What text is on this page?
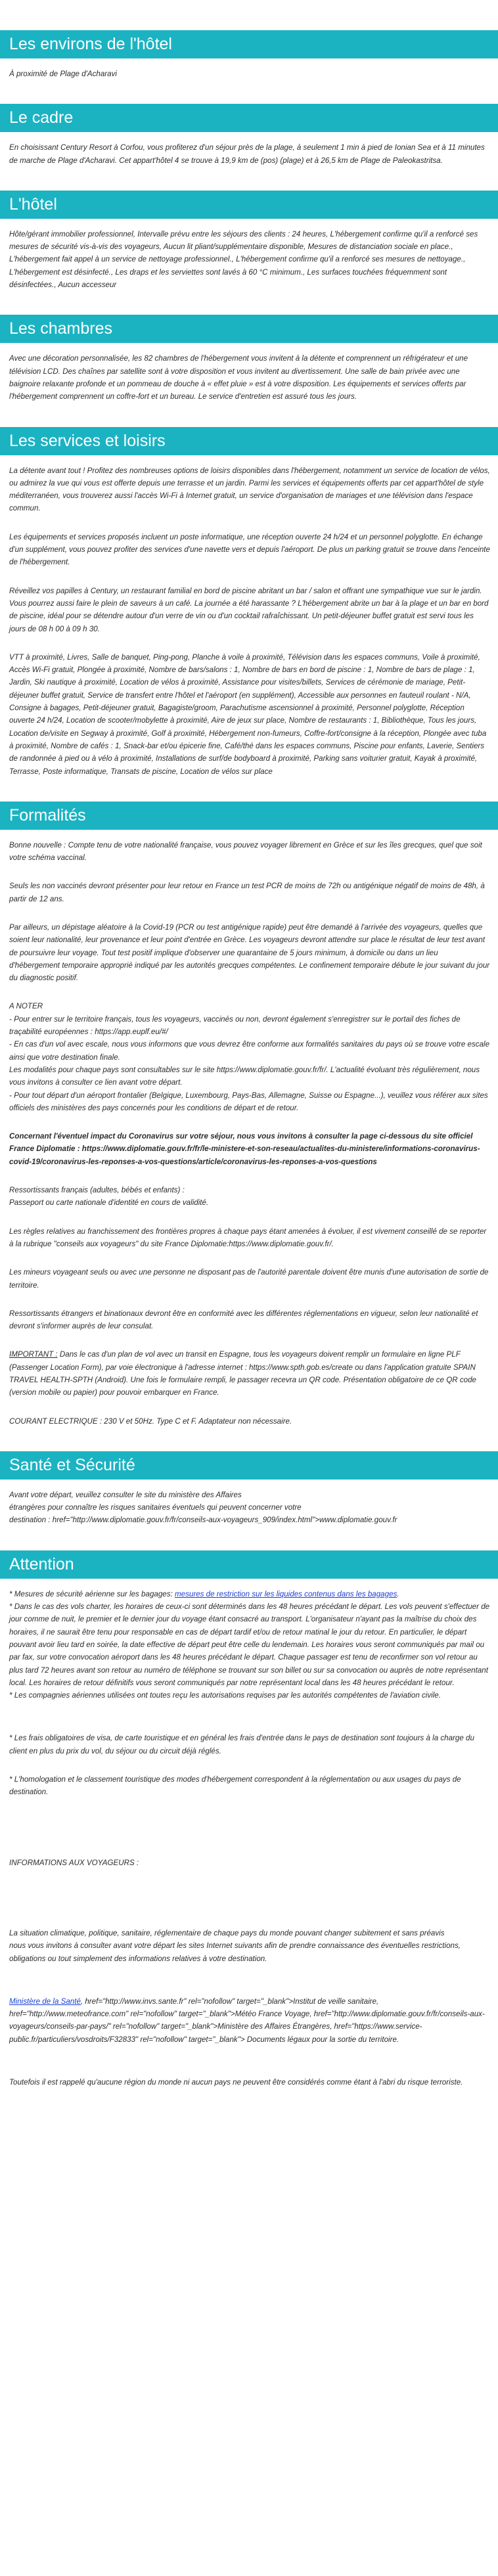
Les environs de l'hôtel

À proximité de Plage d'Acharavi

Le cadre

En choisissant Century Resort à Corfou, vous profiterez d'un séjour près de la plage, à seulement 1 min à pied de Ionian Sea et à 11 minutes de marche de Plage d'Acharavi. Cet appart'hôtel 4 se trouve à 19,9 km de (pos) (plage) et à 26,5 km de Plage de Paleokastritsa.

L'hôtel

Hôte/gérant immobilier professionnel, Intervalle prévu entre les séjours des clients : 24 heures, L'hébergement confirme qu'il a renforcé ses mesures de sécurité vis-à-vis des voyageurs, Aucun lit pliant/supplémentaire disponible, Mesures de distanciation sociale en place., L'hébergement fait appel à un service de nettoyage professionnel., L'hébergement confirme qu'il a renforcé ses mesures de nettoyage., L'hébergement est désinfecté., Les draps et les serviettes sont lavés à 60 °C minimum., Les surfaces touchées fréquemment sont désinfectées., Aucun accesseur

Les chambres

Avec une décoration personnalisée, les 82 chambres de l'hébergement vous invitent à la détente et comprennent un réfrigérateur et une télévision LCD. Des chaînes par satellite sont à votre disposition et vous invitent au divertissement. Une salle de bain privée avec une baignoire relaxante profonde et un pommeau de douche à « effet pluie » est à votre disposition. Les équipements et services offerts par l'hébergement comprennent un coffre-fort et un bureau. Le service d'entretien est assuré tous les jours.

Les services et loisirs

La détente avant tout ! Profitez des nombreuses options de loisirs disponibles dans l'hébergement, notamment un service de location de vélos, ou admirez la vue qui vous est offerte depuis une terrasse et un jardin. Parmi les services et équipements offerts par cet appart'hôtel de style méditerranéen, vous trouverez aussi l'accès Wi-Fi à Internet gratuit, un service d'organisation de mariages et une télévision dans l'espace commun.

Les équipements et services proposés incluent un poste informatique, une réception ouverte 24 h/24 et un personnel polyglotte. En échange d'un supplément, vous pouvez profiter des services d'une navette vers et depuis l'aéroport. De plus un parking gratuit se trouve dans l'enceinte de l'hébergement.

Réveillez vos papilles à Century, un restaurant familial en bord de piscine abritant un bar / salon et offrant une sympathique vue sur le jardin. Vous pourrez aussi faire le plein de saveurs à un café. La journée a été harassante ? L'hébergement abrite un bar à la plage et un bar en bord de piscine, idéal pour se détendre autour d'un verre de vin ou d'un cocktail rafraîchissant. Un petit-déjeuner buffet gratuit est servi tous les jours de 08 h 00 à 09 h 30.

VTT à proximité, Livres, Salle de banquet, Ping-pong, Planche à voile à proximité, Télévision dans les espaces communs, Voile à proximité, Accès Wi-Fi gratuit, Plongée à proximité, Nombre de bars/salons : 1, Nombre de bars en bord de piscine : 1, Nombre de bars de plage : 1, Jardin, Ski nautique à proximité, Location de vélos à proximité, Assistance pour visites/billets, Services de cérémonie de mariage, Petit-déjeuner buffet gratuit, Service de transfert entre l'hôtel et l'aéroport (en supplément), Accessible aux personnes en fauteuil roulant - N/A, Consigne à bagages, Petit-déjeuner gratuit, Bagagiste/groom, Parachutisme ascensionnel à proximité, Personnel polyglotte, Réception ouverte 24 h/24, Location de scooter/mobylette à proximité, Aire de jeux sur place, Nombre de restaurants : 1, Bibliothèque, Tous les jours, Location de/visite en Segway à proximité, Golf à proximité, Hébergement non-fumeurs, Coffre-fort/consigne à la réception, Plongée avec tuba à proximité, Nombre de cafés : 1, Snack-bar et/ou épicerie fine, Café/thé dans les espaces communs, Piscine pour enfants, Laverie, Sentiers de randonnée à pied ou à vélo à proximité, Installations de surf/de bodyboard à proximité, Parking sans voiturier gratuit, Kayak à proximité, Terrasse, Poste informatique, Transats de piscine, Location de vélos sur place

Formalités

Bonne nouvelle : Compte tenu de votre nationalité française, vous pouvez voyager librement en Grèce et sur les îles grecques, quel que soit votre schéma vaccinal.

Seuls les non vaccinés devront présenter pour leur retour en France un test PCR de moins de 72h ou antigénique négatif de moins de 48h, à partir de 12 ans.

Par ailleurs, un dépistage aléatoire à la Covid-19 (PCR ou test antigénique rapide) peut être demandé à l'arrivée des voyageurs, quelles que soient leur nationalité, leur provenance et leur point d'entrée en Grèce. Les voyageurs devront attendre sur place le résultat de leur test avant de poursuivre leur voyage. Tout test positif implique d'observer une quarantaine de 5 jours minimum, à domicile ou dans un lieu d'hébergement temporaire approprié indiqué par les autorités grecques compétentes. Le confinement temporaire débute le jour suivant du jour du diagnostic positif.

A NOTER
- Pour entrer sur le territoire français, tous les voyageurs, vaccinés ou non, devront également s'enregistrer sur le portail des fiches de traçabilité européennes : https://app.euplf.eu/#/
- En cas d'un vol avec escale, nous vous informons que vous devrez être conforme aux formalités sanitaires du pays où se trouve votre escale ainsi que votre destination finale.
Les modalités pour chaque pays sont consultables sur le site https://www.diplomatie.gouv.fr/fr/. L'actualité évoluant très régulièrement, nous vous invitons à consulter ce lien avant votre départ.
- Pour tout départ d'un aéroport frontalier (Belgique, Luxembourg, Pays-Bas, Allemagne, Suisse ou Espagne...), veuillez vous référer aux sites officiels des ministères des pays concernés pour les conditions de départ et de retour.

Concernant l'éventuel impact du Coronavirus sur votre séjour, nous vous invitons à consulter la page ci-dessous du site officiel France Diplomatie : https://www.diplomatie.gouv.fr/fr/le-ministere-et-son-reseau/actualites-du-ministere/informations-coronavirus-covid-19/coronavirus-les-reponses-a-vos-questions/article/coronavirus-les-reponses-a-vos-questions

Ressortissants français (adultes, bébés et enfants) :
Passeport ou carte nationale d'identité en cours de validité.

Les règles relatives au franchissement des frontières propres à chaque pays étant amenées à évoluer, il est vivement conseillé de se reporter à la rubrique "conseils aux voyageurs" du site France Diplomatie:https://www.diplomatie.gouv.fr/.

Les mineurs voyageant seuls ou avec une personne ne disposant pas de l'autorité parentale doivent être munis d'une autorisation de sortie de territoire.

Ressortissants étrangers et binationaux devront être en conformité avec les différentes réglementations en vigueur, selon leur nationalité et devront s'informer auprès de leur consulat.

IMPORTANT : Dans le cas d'un plan de vol avec un transit en Espagne, tous les voyageurs doivent remplir un formulaire en ligne PLF (Passenger Location Form), par voie électronique à l'adresse internet : https://www.spth.gob.es/create ou dans l'application gratuite SPAIN TRAVEL HEALTH-SPTH (Android). Une fois le formulaire rempli, le passager recevra un QR code. Présentation obligatoire de ce QR code (version mobile ou papier) pour pouvoir embarquer en France.

COURANT ELECTRIQUE : 230 V et 50Hz. Type C et F. Adaptateur non nécessaire.

Santé et Sécurité

Avant votre départ, veuillez consulter le site du ministère des Affaires
étrangères pour connaître les risques sanitaires éventuels qui peuvent concerner votre
destination : href="http://www.diplomatie.gouv.fr/fr/conseils-aux-voyageurs_909/index.html">www.diplomatie.gouv.fr

Attention

* Mesures de sécurité aérienne sur les bagages: mesures de restriction sur les liquides contenus dans les bagages.
* Dans le cas des vols charter, les horaires de ceux-ci sont déterminés dans les 48 heures précédant le départ. Les vols peuvent s'effectuer de jour comme de nuit, le premier et le dernier jour du voyage étant consacré au transport. L'organisateur n'ayant pas la maîtrise du choix des horaires, il ne saurait être tenu pour responsable en cas de départ tardif et/ou de retour matinal le jour du retour. En particulier, le départ pouvant avoir lieu tard en soirée, la date effective de départ peut être celle du lendemain. Les horaires vous seront communiqués par mail ou par fax, sur votre convocation aéroport dans les 48 heures précédant le départ. Chaque passager est tenu de reconfirmer son vol retour au plus tard 72 heures avant son retour au numéro de téléphone se trouvant sur son billet ou sur sa convocation ou auprès de notre représentant local. Les horaires de retour définitifs vous seront communiqués par notre représentant local dans les 48 heures précédant le retour.
* Les compagnies aériennes utilisées ont toutes reçu les autorisations requises par les autorités compétentes de l'aviation civile.

* Les frais obligatoires de visa, de carte touristique et en général les frais d'entrée dans le pays de destination sont toujours à la charge du client en plus du prix du vol, du séjour ou du circuit déjà réglés.

* L'homologation et le classement touristique des modes d'hébergement correspondent à la réglementation ou aux usages du pays de destination.

INFORMATIONS AUX VOYAGEURS :

La situation climatique, politique, sanitaire, réglementaire de chaque pays du monde pouvant changer subitement et sans préavis
nous vous invitons à consulter avant votre départ les sites Internet suivants afin de prendre connaissance des éventuelles restrictions, obligations ou tout simplement des informations relatives à votre destination.

Ministère de la Santé, href="http://www.invs.sante.fr" rel="nofollow" target="_blank">Institut de veille sanitaire, href="http://www.meteofrance.com" rel="nofollow" target="_blank">Météo France Voyage, href="http://www.diplomatie.gouv.fr/fr/conseils-aux-voyageurs/conseils-par-pays/" rel="nofollow" target="_blank">Ministère des Affaires Étrangères, href="https://www.service-public.fr/particuliers/vosdroits/F32833" rel="nofollow" target="_blank"> Documents légaux pour la sortie du territoire.

Toutefois il est rappelé qu'aucune région du monde ni aucun pays ne peuvent être considérés comme étant à l'abri du risque terroriste.
